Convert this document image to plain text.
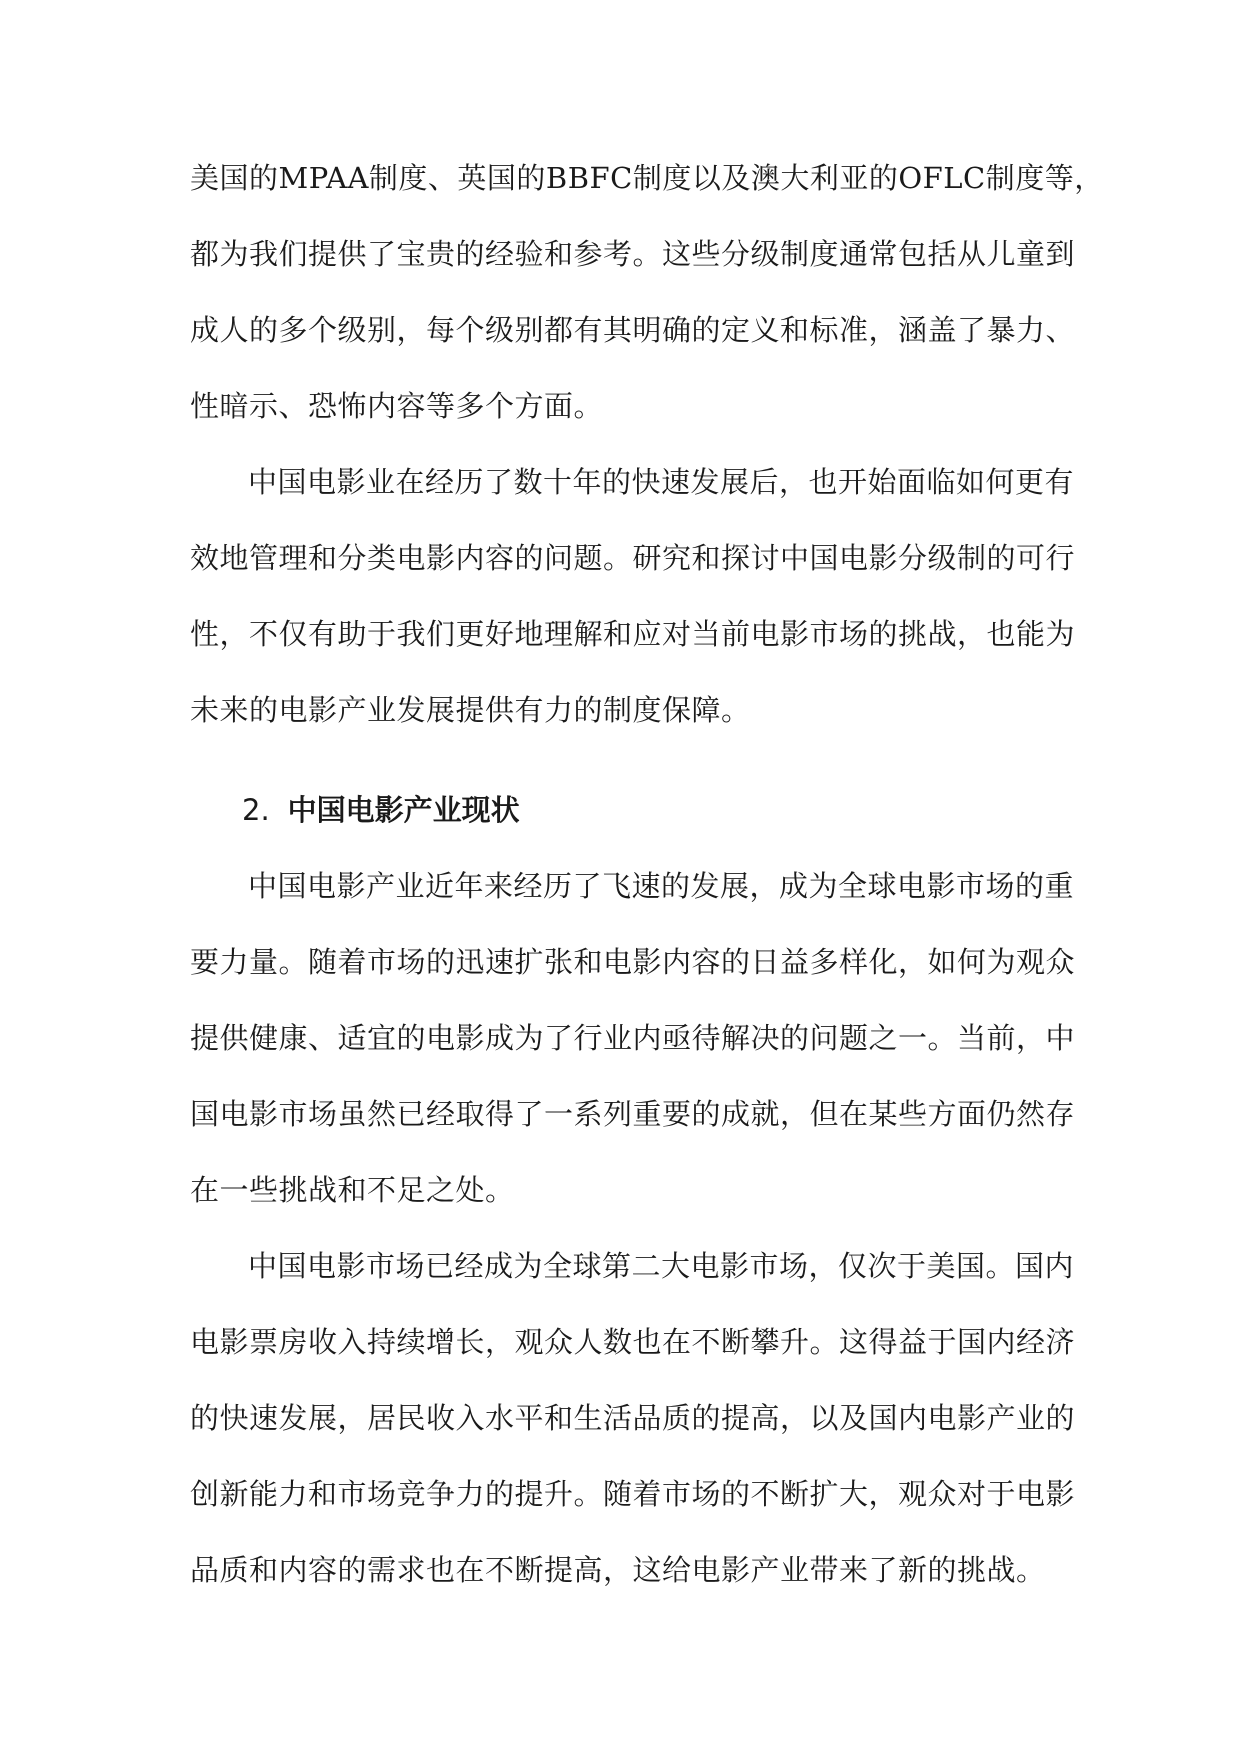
美国的MPAA制度、英国的BBFC制度以及澳大利亚的OFLC制度等，
都为我们提供了宝贵的经验和参考。这些分级制度通常包括从儿童到
成人的多个级别，每个级别都有其明确的定义和标准，涵盖了暴力、
性暗示、恐怖内容等多个方面。
中国电影业在经历了数十年的快速发展后，也开始面临如何更有
效地管理和分类电影内容的问题。研究和探讨中国电影分级制的可行
性，不仅有助于我们更好地理解和应对当前电影市场的挑战，也能为
未来的电影产业发展提供有力的制度保障。
2. 中国电影产业现状
中国电影产业近年来经历了飞速的发展，成为全球电影市场的重
要力量。随着市场的迅速扩张和电影内容的日益多样化，如何为观众
提供健康、适宜的电影成为了行业内亟待解决的问题之一。当前，中
国电影市场虽然已经取得了一系列重要的成就，但在某些方面仍然存
在一些挑战和不足之处。
中国电影市场已经成为全球第二大电影市场，仅次于美国。国内
电影票房收入持续增长，观众人数也在不断攀升。这得益于国内经济
的快速发展，居民收入水平和生活品质的提高，以及国内电影产业的
创新能力和市场竞争力的提升。随着市场的不断扩大，观众对于电影
品质和内容的需求也在不断提高，这给电影产业带来了新的挑战。
